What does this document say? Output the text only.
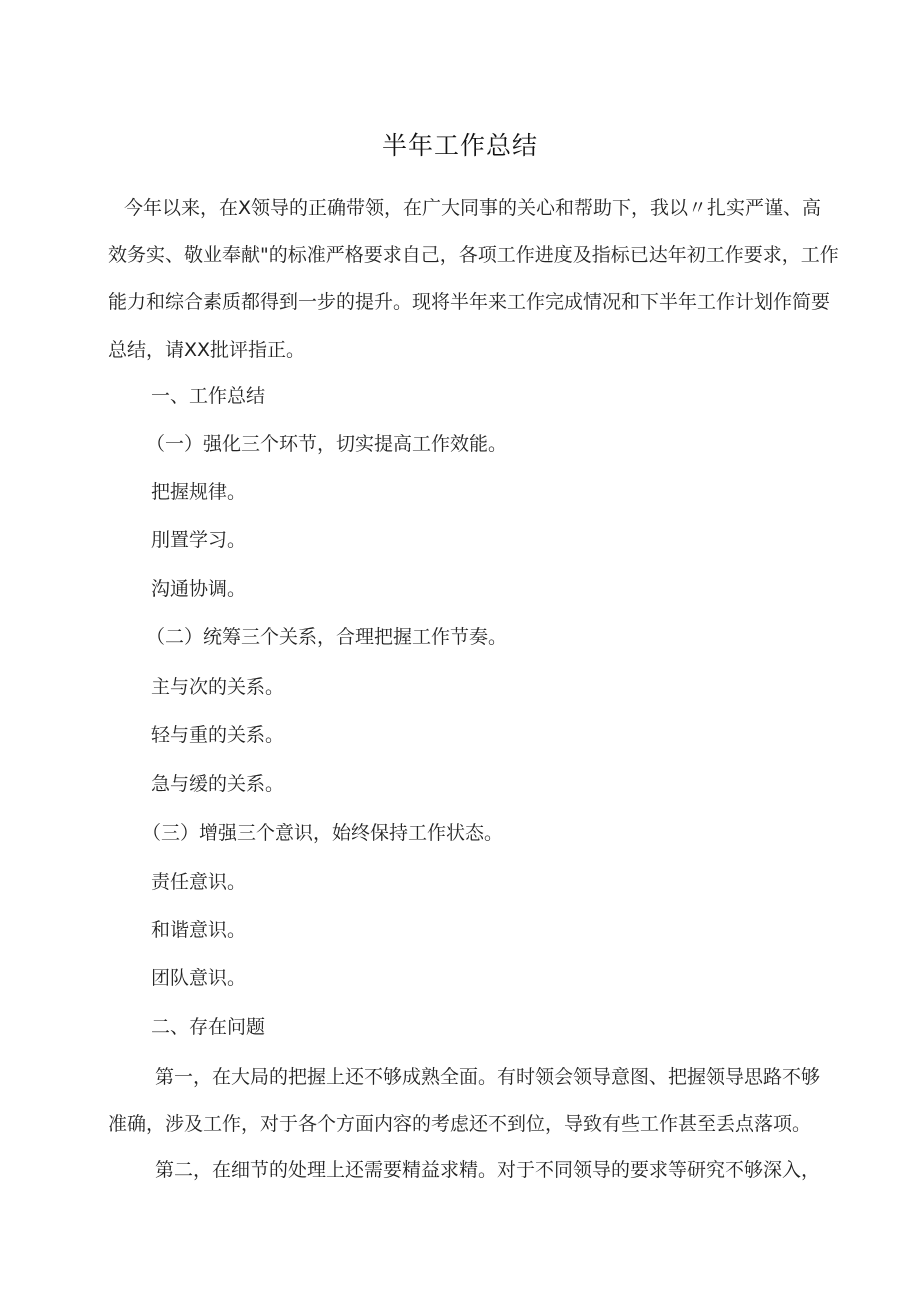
半年工作总结
今年以来，在X领导的正确带领，在广大同事的关心和帮助下，我以〃扎实严谨、高
效务实、敬业奉献"的标准严格要求自己，各项工作进度及指标已达年初工作要求，工作
能力和综合素质都得到一步的提升。现将半年来工作完成情况和下半年工作计划作简要
总结，请XX批评指正。
一、工作总结
（一）强化三个环节，切实提高工作效能。
把握规律。
刖置学习。
沟通协调。
（二）统筹三个关系，合理把握工作节奏。
主与次的关系。
轻与重的关系。
急与缓的关系。
（三）增强三个意识，始终保持工作状态。
责任意识。
和谐意识。
团队意识。
二、存在问题
第一，在大局的把握上还不够成熟全面。有时领会领导意图、把握领导思路不够
准确，涉及工作，对于各个方面内容的考虑还不到位，导致有些工作甚至丢点落项。
第二，在细节的处理上还需要精益求精。对于不同领导的要求等研究不够深入，
